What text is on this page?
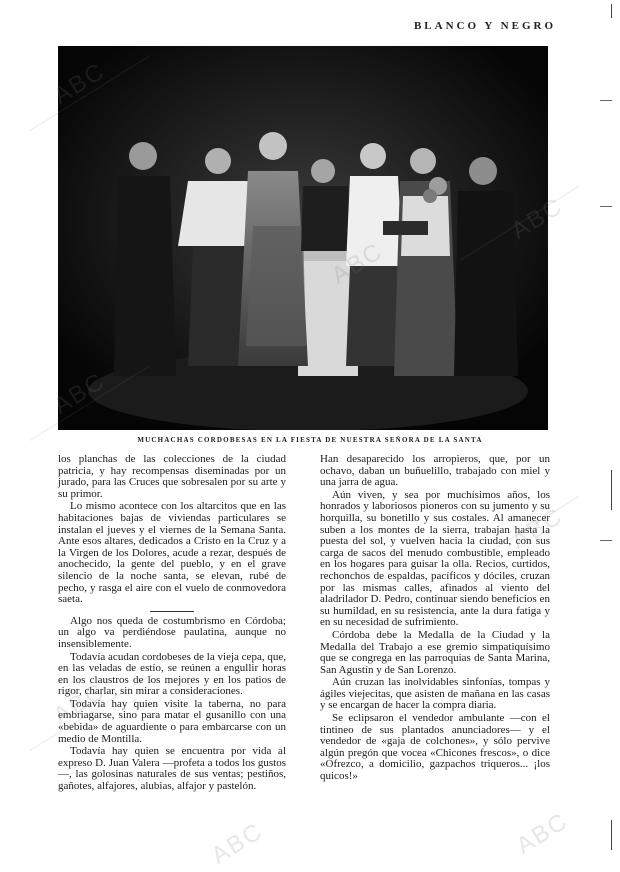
BLANCO Y NEGRO
MUCHACHAS CORDOBESAS EN LA FIESTA DE NUESTRA SEÑORA DE LA SANTA

los planchas de las colecciones de la ciudad patricia, y hay recompensas diseminadas por un jurado, para las Cruces que sobresalen por su arte y su primor.

Lo mismo acontece con los altarcitos que en las habitaciones bajas de viviendas particulares se instalan el jueves y el viernes de la Semana Santa. Ante esos altares, dedicados a Cristo en la Cruz y a la Virgen de los Dolores, acude a rezar, después de anochecido, la gente del pueblo, y en el grave silencio de la noche santa, se elevan, rubé de pecho, y rasga el aire con el vuelo de conmovedora saeta.

Algo nos queda de costumbrismo en Córdoba; un algo va perdiéndose paulatina, aunque no insensiblemente.

Todavía acudan cordobeses de la vieja cepa, que, en las veladas de estío, se reúnen a engullir horas en los claustros de los mejores y en los patios de rigor, charlar, sin mirar a consideraciones.

Todavía hay quien visite la taberna, no para embriagarse, sino para matar el gusanillo con una «bebida» de aguardiente o para embarcarse con un medio de Montilla.

Todavía hay quien se encuentra por vida al expreso D. Juan Valera —profeta a todos los gustos—, las golosinas naturales de sus ventas; pestiños, gañotes, alfajores, alubias, alfajor y pastelón.

Han desaparecido los arropieros, que, por un ochavo, daban un buñuelillo, trabajado con miel y una jarra de agua.

Aún viven, y sea por muchísimos años, los honrados y laboriosos pioneros con su jumento y su horquilla, su bonetillo y sus costales. Al amanecer suben a los montes de la sierra, trabajan hasta la puesta del sol, y vuelven hacia la ciudad, con sus carga de sacos del menudo combustible, empleado en los hogares para guisar la olla. Recios, curtidos, rechonchos de espaldas, pacíficos y dóciles, cruzan por las mismas calles, afinados al viento del aladrilador D. Pedro, continuar siendo beneficios en su humildad, en su resistencia, ante la dura fatiga y en su necesidad de sufrimiento.

Córdoba debe la Medalla de la Ciudad y la Medalla del Trabajo a ese gremio simpatiquísimo que se congrega en las parroquias de Santa Marina, San Agustín y de San Lorenzo.

Aún cruzan las inolvidables sinfonías, tompas y ágiles viejecitas, que asisten de mañana en las casas y se encargan de hacer la compra diaria.

Se eclipsaron el vendedor ambulante —con el tintineo de sus plantados anunciadores— y el vendedor de «gaja de colchones», y sólo pervive algún pregón que vocea «Chicones frescos», o dice «Ofrezco, a domicilio, gazpachos triqueros... ¡los quicos!»

ABC
ABC
ABC
ABC
